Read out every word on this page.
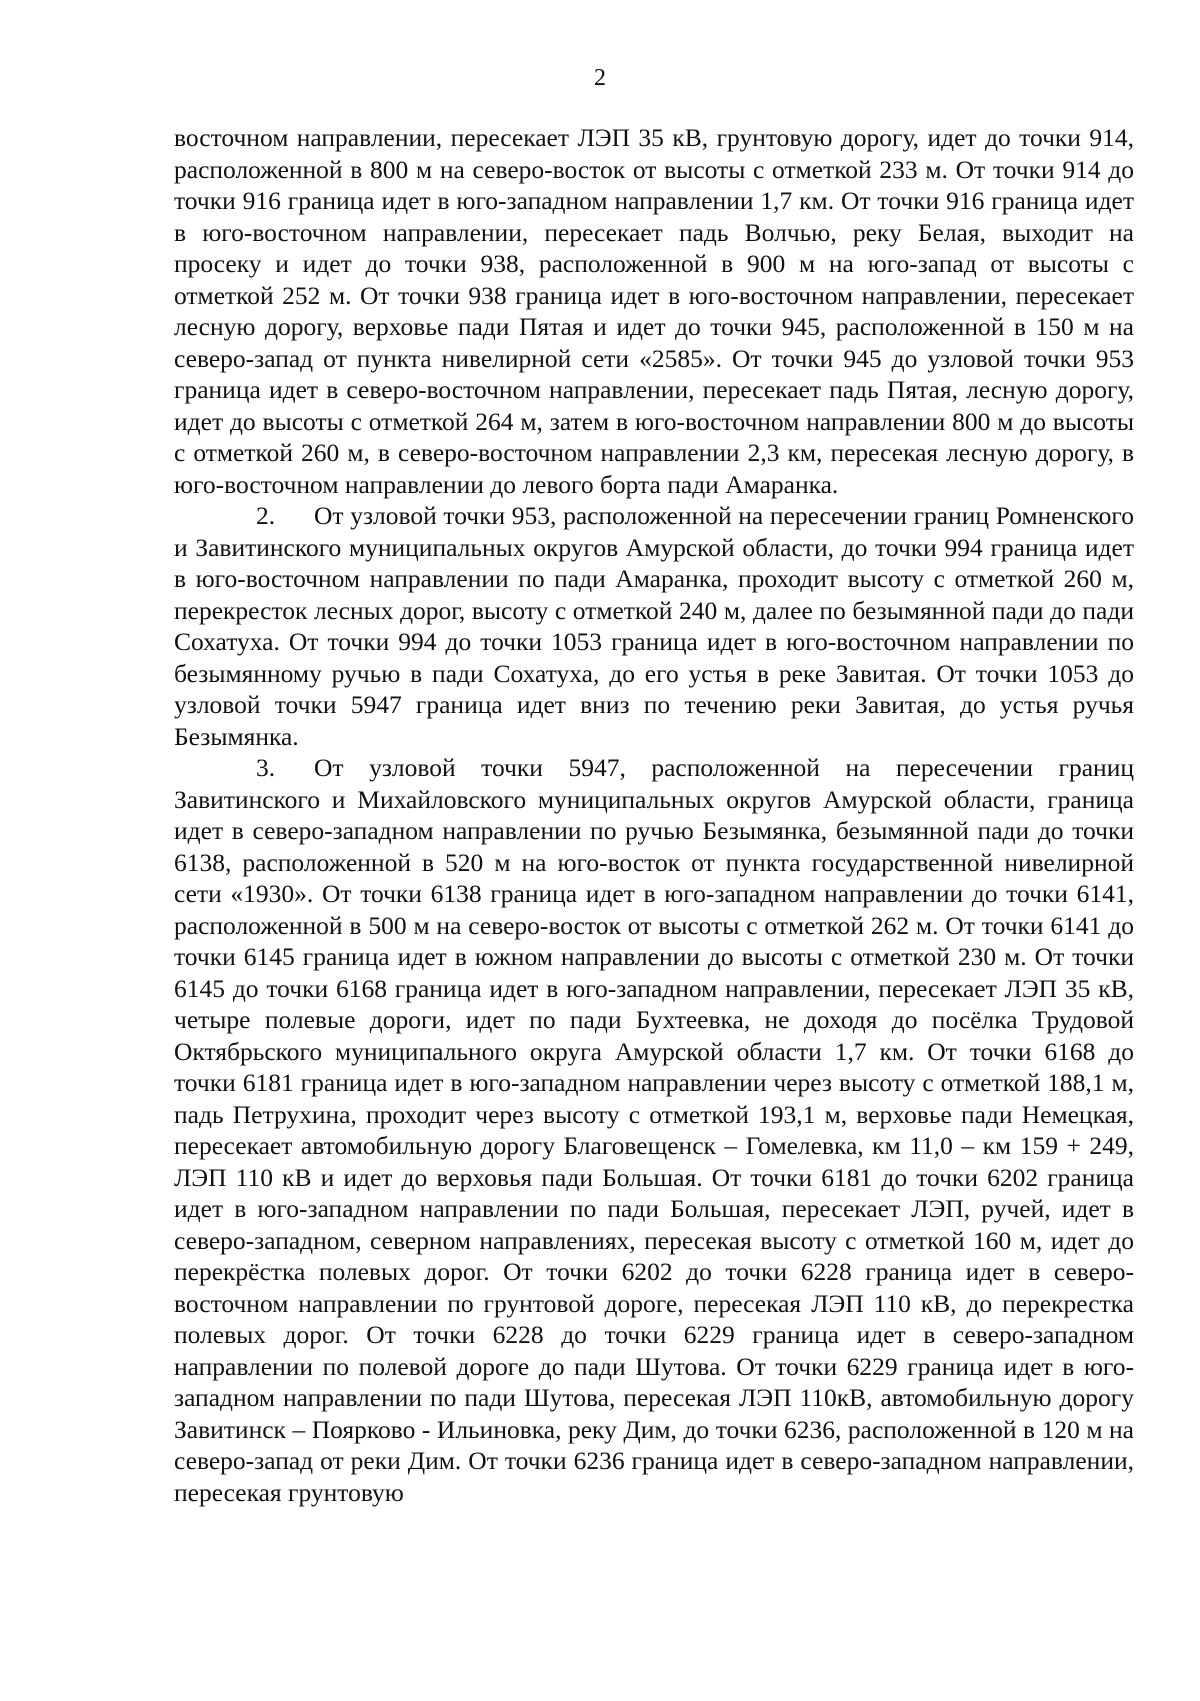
2

восточном направлении, пересекает ЛЭП 35 кВ, грунтовую дорогу, идет до точки 914, расположенной в 800 м на северо-восток от высоты с отметкой 233 м. От точки 914 до точки 916 граница идет в юго-западном направлении 1,7 км. От точки 916 граница идет в юго-восточном направлении, пересекает падь Волчью, реку Белая, выходит на просеку и идет до точки 938, расположенной в 900 м на юго-запад от высоты с отметкой 252 м. От точки 938 граница идет в юго-восточном направлении, пересекает лесную дорогу, верховье пади Пятая и идет до точки 945, расположенной в 150 м на северо-запад от пункта нивелирной сети «2585». От точки 945 до узловой точки 953 граница идет в северо-восточном направлении, пересекает падь Пятая, лесную дорогу, идет до высоты с отметкой 264 м, затем в юго-восточном направлении 800 м до высоты с отметкой 260 м, в северо-восточном направлении 2,3 км, пересекая лесную дорогу, в юго-восточном направлении до левого борта пади Амаранка.

2. От узловой точки 953, расположенной на пересечении границ Ромненского и Завитинского муниципальных округов Амурской области, до точки 994 граница идет в юго-восточном направлении по пади Амаранка, проходит высоту с отметкой 260 м, перекресток лесных дорог, высоту с отметкой 240 м, далее по безымянной пади до пади Сохатуха. От точки 994 до точки 1053 граница идет в юго-восточном направлении по безымянному ручью в пади Сохатуха, до его устья в реке Завитая. От точки 1053 до узловой точки 5947 граница идет вниз по течению реки Завитая, до устья ручья Безымянка.

3. От узловой точки 5947, расположенной на пересечении границ Завитинского и Михайловского муниципальных округов Амурской области, граница идет в северо-западном направлении по ручью Безымянка, безымянной пади до точки 6138, расположенной в 520 м на юго-восток от пункта государственной нивелирной сети «1930». От точки 6138 граница идет в юго-западном направлении до точки 6141, расположенной в 500 м на северо-восток от высоты с отметкой 262 м. От точки 6141 до точки 6145 граница идет в южном направлении до высоты с отметкой 230 м. От точки 6145 до точки 6168 граница идет в юго-западном направлении, пересекает ЛЭП 35 кВ, четыре полевые дороги, идет по пади Бухтеевка, не доходя до посёлка Трудовой Октябрьского муниципального округа Амурской области 1,7 км. От точки 6168 до точки 6181 граница идет в юго-западном направлении через высоту с отметкой 188,1 м, падь Петрухина, проходит через высоту с отметкой 193,1 м, верховье пади Немецкая, пересекает автомобильную дорогу Благовещенск – Гомелевка, км 11,0 – км 159 + 249, ЛЭП 110 кВ и идет до верховья пади Большая. От точки 6181 до точки 6202 граница идет в юго-западном направлении по пади Большая, пересекает ЛЭП, ручей, идет в северо-западном, северном направлениях, пересекая высоту с отметкой 160 м, идет до перекрёстка полевых дорог. От точки 6202 до точки 6228 граница идет в северо-восточном направлении по грунтовой дороге, пересекая ЛЭП 110 кВ, до перекрестка полевых дорог. От точки 6228 до точки 6229 граница идет в северо-западном направлении по полевой дороге до пади Шутова. От точки 6229 граница идет в юго-западном направлении по пади Шутова, пересекая ЛЭП 110кВ, автомобильную дорогу Завитинск – Поярково - Ильиновка, реку Дим, до точки 6236, расположенной в 120 м на северо-запад от реки Дим. От точки 6236 граница идет в северо-западном направлении, пересекая грунтовую
